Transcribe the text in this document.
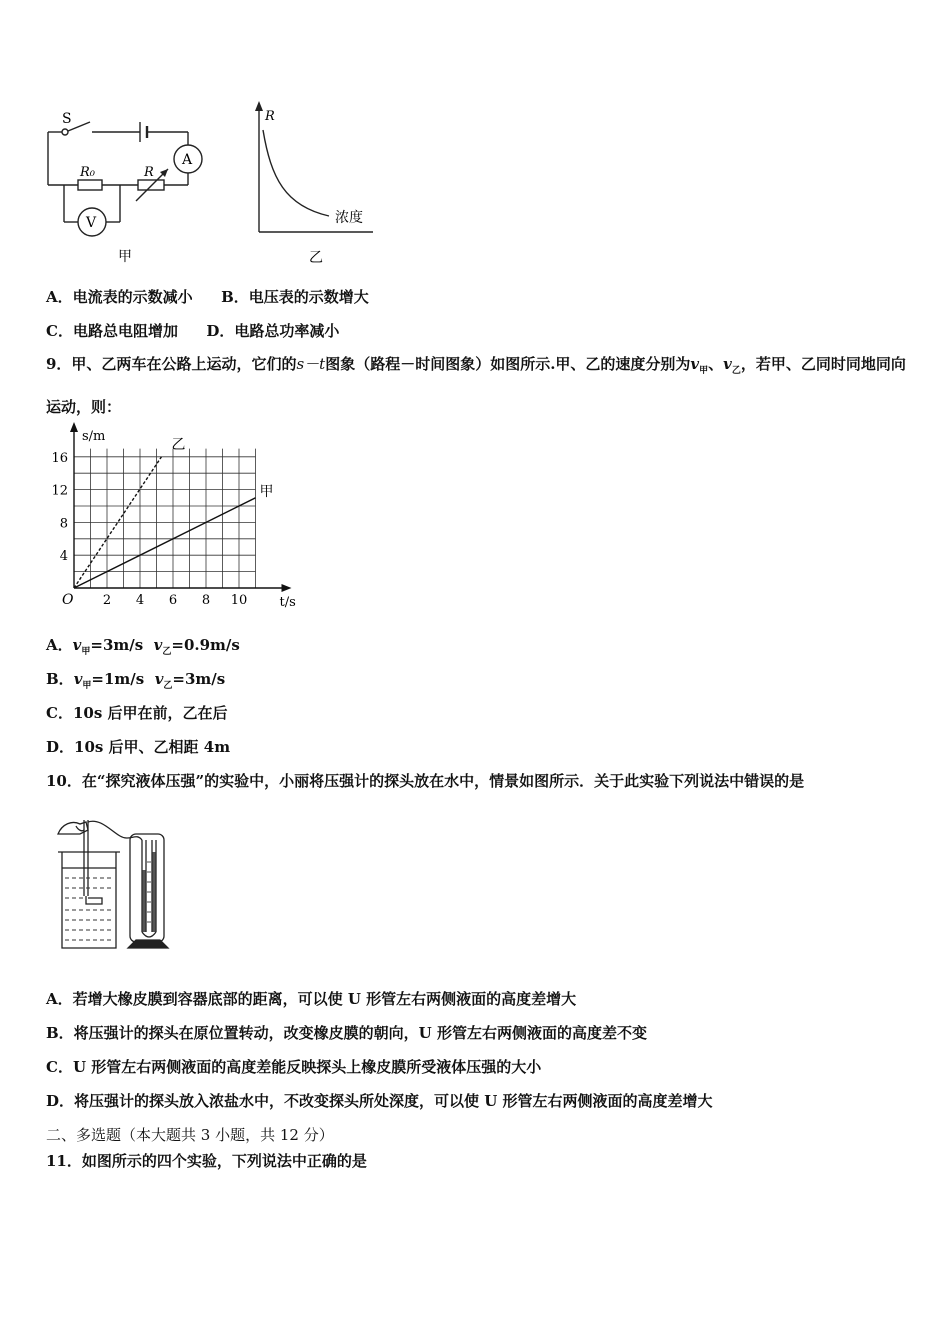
S
A
V
R₀	R
甲
R
浓度
乙
A．电流表的示数减小 B．电压表的示数增大
C．电路总电阻增加 D．电路总功率减小
9．甲、乙两车在公路上运动，它们的s－t图象（路程－时间图象）如图所示.甲、乙的速度分别为$v_甲$、$v_乙$，若甲、乙同时同地同向运动，则：
2 4 6 8 10
4
8
12
16
O	t/s
s/m
乙
甲
A．$v_甲=3m/s$ $v_乙=0.9m/s$
B．$v_甲=1m/s$ $v_乙=3m/s$
C．10s 后甲在前，乙在后
D．10s 后甲、乙相距 4m
10．在“探究液体压强”的实验中，小丽将压强计的探头放在水中，情景如图所示．关于此实验下列说法中错误的是
A．若增大橡皮膜到容器底部的距离，可以使 U 形管左右两侧液面的高度差增大
B．将压强计的探头在原位置转动，改变橡皮膜的朝向，U 形管左右两侧液面的高度差不变
C．U 形管左右两侧液面的高度差能反映探头上橡皮膜所受液体压强的大小
D．将压强计的探头放入浓盐水中，不改变探头所处深度，可以使 U 形管左右两侧液面的高度差增大
二、多选题（本大题共 3 小题，共 12 分）
11．如图所示的四个实验，下列说法中正确的是
